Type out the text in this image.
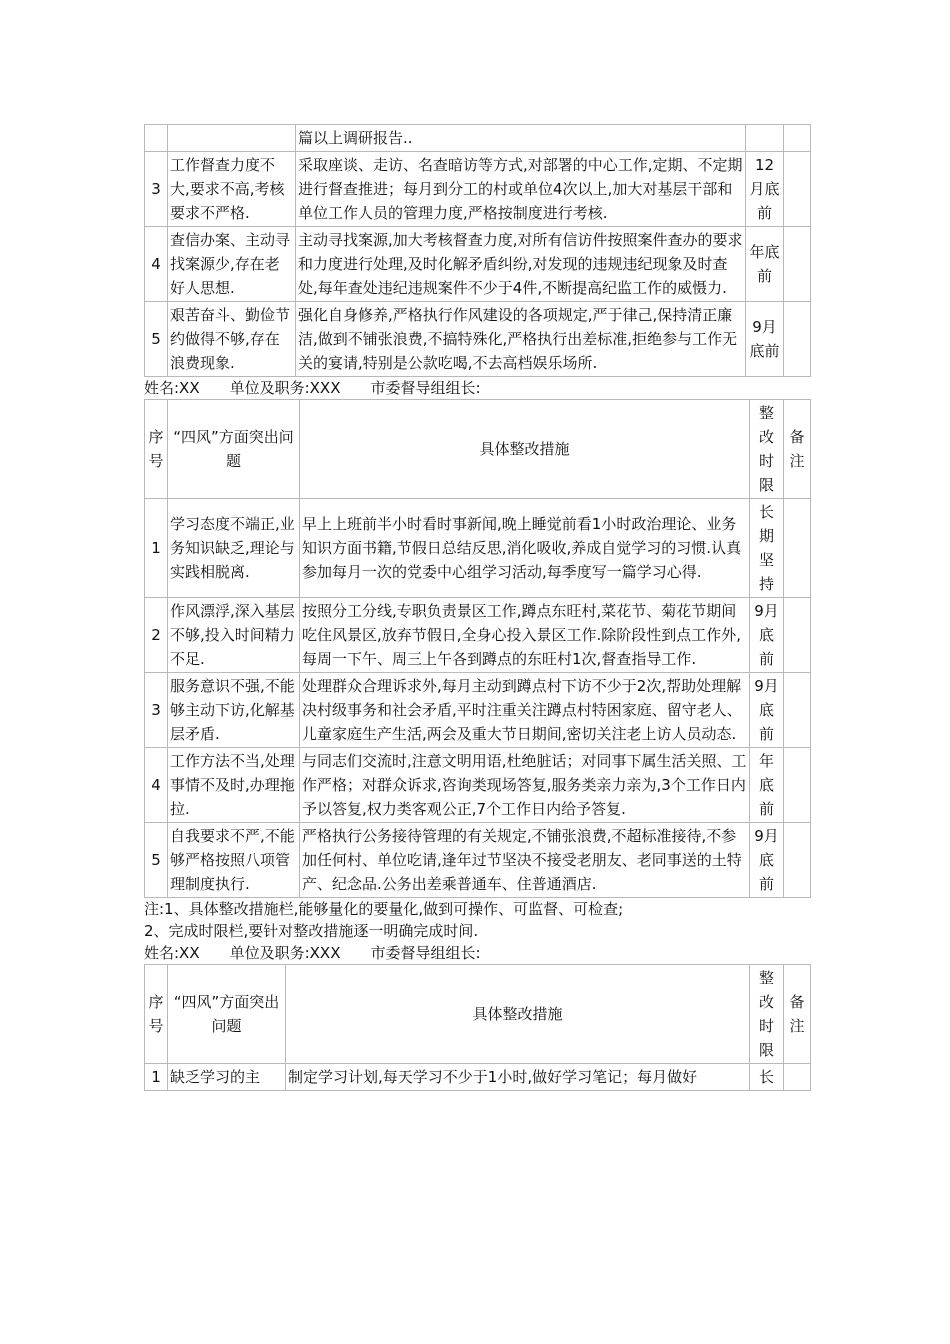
		篇以上调研报告..		
3	工作督查力度不大,要求不高,考核要求不严格.	采取座谈、走访、名查暗访等方式,对部署的中心工作,定期、不定期进行督查推进；每月到分工的村或单位4次以上,加大对基层干部和单位工作人员的管理力度,严格按制度进行考核.	12月底前	
4	查信办案、主动寻找案源少,存在老好人思想.	主动寻找案源,加大考核督查力度,对所有信访件按照案件查办的要求和力度进行处理,及时化解矛盾纠纷,对发现的违规违纪现象及时查处,每年查处违纪违规案件不少于4件,不断提高纪监工作的威慑力.	年底前	
5	艰苦奋斗、勤俭节约做得不够,存在浪费现象.	强化自身修养,严格执行作风建设的各项规定,严于律己,保持清正廉洁,做到不铺张浪费,不搞特殊化,严格执行出差标准,拒绝参与工作无关的宴请,特别是公款吃喝,不去高档娱乐场所.	9月底前	

姓名:XX　　单位及职务:XXX　　市委督导组组长:

序号	“四风”方面突出问题	具体整改措施	整改时限	备注
1	学习态度不端正,业务知识缺乏,理论与实践相脱离.	早上上班前半小时看时事新闻,晚上睡觉前看1小时政治理论、业务知识方面书籍,节假日总结反思,消化吸收,养成自觉学习的习惯.认真参加每月一次的党委中心组学习活动,每季度写一篇学习心得.	长期坚持	
2	作风漂浮,深入基层不够,投入时间精力不足.	按照分工分线,专职负责景区工作,蹲点东旺村,菜花节、菊花节期间吃住风景区,放弃节假日,全身心投入景区工作.除阶段性到点工作外,每周一下午、周三上午各到蹲点的东旺村1次,督查指导工作.	9月底前	
3	服务意识不强,不能够主动下访,化解基层矛盾.	处理群众合理诉求外,每月主动到蹲点村下访不少于2次,帮助处理解决村级事务和社会矛盾,平时注重关注蹲点村特困家庭、留守老人、儿童家庭生产生活,两会及重大节日期间,密切关注老上访人员动态.	9月底前	
4	工作方法不当,处理事情不及时,办理拖拉.	与同志们交流时,注意文明用语,杜绝脏话；对同事下属生活关照、工作严格；对群众诉求,咨询类现场答复,服务类亲力亲为,3个工作日内予以答复,权力类客观公正,7个工作日内给予答复.	年底前	
5	自我要求不严,不能够严格按照八项管理制度执行.	严格执行公务接待管理的有关规定,不铺张浪费,不超标准接待,不参加任何村、单位吃请,逢年过节坚决不接受老朋友、老同事送的土特产、纪念品.公务出差乘普通车、住普通酒店.	9月底前	

注:1、具体整改措施栏,能够量化的要量化,做到可操作、可监督、可检查;

2、完成时限栏,要针对整改措施逐一明确完成时间.

姓名:XX　　单位及职务:XXX　　市委督导组组长:

序号	“四风”方面突出问题	具体整改措施	整改时限	备注
1	缺乏学习的主	制定学习计划,每天学习不少于1小时,做好学习笔记；每月做好	长	
